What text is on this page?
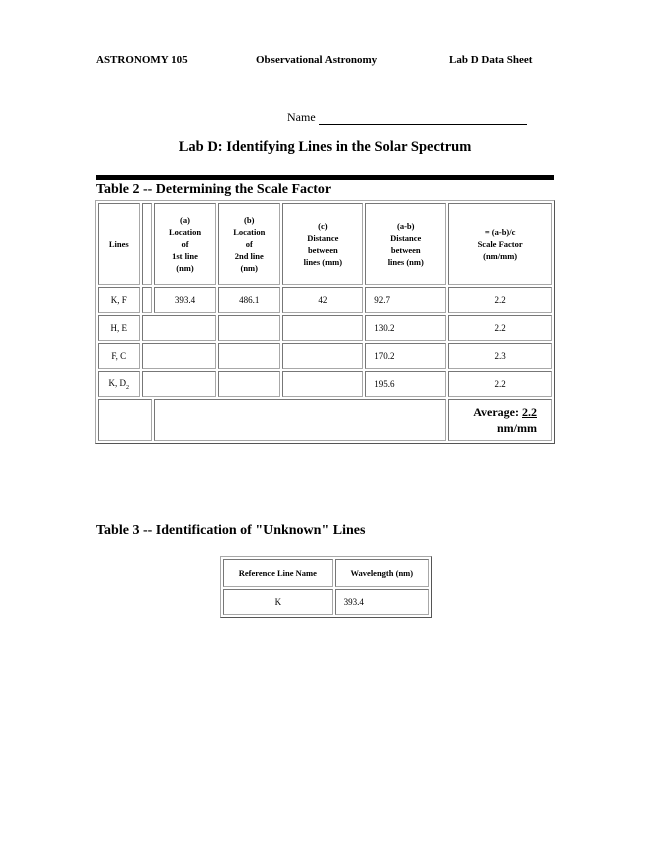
ASTRONOMY 105	Observational Astronomy	Lab D Data Sheet
Name
Lab D: Identifying Lines in the Solar Spectrum
Table 2 -- Determining the Scale Factor
Lines		(a)
Location
of
1st line
(nm)	(b)
Location
of
2nd line
(nm)	(c)
Distance
between
lines (mm)	(a-b)
Distance
between
lines (nm)	= (a-b)/c
Scale Factor
(nm/mm)
K, F		393.4	486.1	42	92.7	2.2
H, E					130.2	2.2
F, C					170.2	2.3
K, $D_2$					195.6	2.2
						Average: 2.2
nm/mm
Table 3 -- Identification of "Unknown" Lines
Reference Line Name	Wavelength (nm)
K	393.4
